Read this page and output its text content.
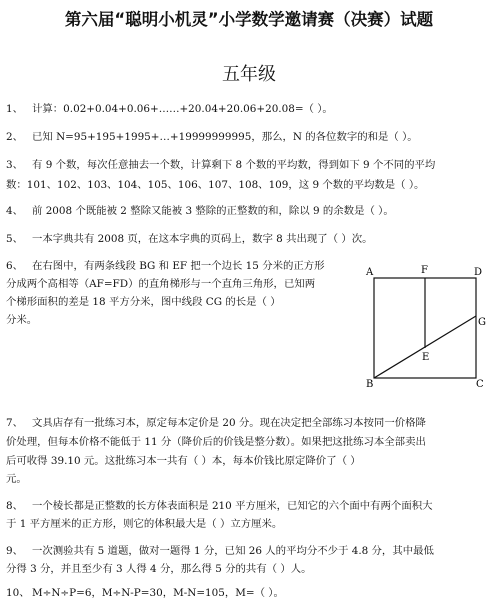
第六届“聪明小机灵”小学数学邀请赛（决赛）试题
五年级
1、 计算：0.02+0.04+0.06+……+20.04+20.06+20.08=（ ）。
2、 已知 N=95+195+1995+…+19999999995，那么，N 的各位数字的和是（ ）。
3、 有 9 个数，每次任意抽去一个数，计算剩下 8 个数的平均数，得到如下 9 个不同的平均
数：101、102、103、104、105、106、107、108、109，这 9 个数的平均数是（ ）。
4、 前 2008 个既能被 2 整除又能被 3 整除的正整数的和，除以 9 的余数是（ ）。
5、 一本字典共有 2008 页，在这本字典的页码上，数字 8 共出现了（ ）次。
6、 在右图中，有两条线段 BG 和 EF 把一个边长 15 分米的正方形
分成两个高相等（AF=FD）的直角梯形与一个直角三角形，已知两
个梯形面积的差是 18 平方分米，图中线段 CG 的长是（ ）
分米。
A	F	D
G
E
B	C
7、 文具店存有一批练习本，原定每本定价是 20 分。现在决定把全部练习本按同一价格降
价处理，但每本价格不能低于 11 分（降价后的价钱是整分数）。如果把这批练习本全部卖出
后可收得 39.10 元。这批练习本一共有（ ）本，每本价钱比原定降价了（ ）
元。
8、 一个棱长都是正整数的长方体表面积是 210 平方厘米，已知它的六个面中有两个面积大
于 1 平方厘米的正方形，则它的体积最大是（ ）立方厘米。
9、 一次测验共有 5 道题，做对一题得 1 分，已知 26 人的平均分不少于 4.8 分，其中最低
分得 3 分，并且至少有 3 人得 4 分，那么得 5 分的共有（ ）人。
10、 M÷N÷P=6，M÷N-P=30，M-N=105，M=（ ）。
